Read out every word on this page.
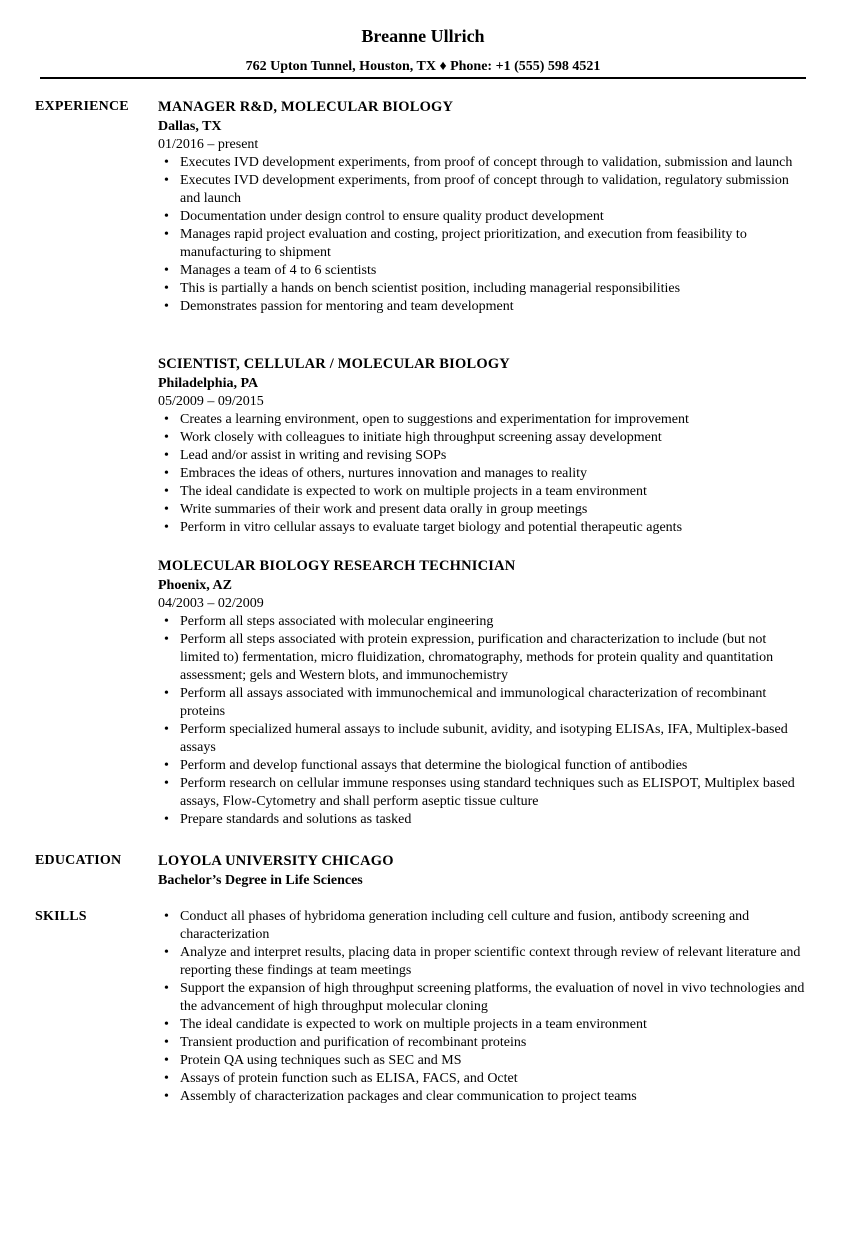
Breanne Ullrich
762 Upton Tunnel, Houston, TX ♦ Phone: +1 (555) 598 4521
EXPERIENCE MANAGER R&D, MOLECULAR BIOLOGY
Dallas, TX
01/2016 – present
• Executes IVD development experiments, from proof of concept through to validation, submission and launch
• Executes IVD development experiments, from proof of concept through to validation, regulatory submission and launch
• Documentation under design control to ensure quality product development
• Manages rapid project evaluation and costing, project prioritization, and execution from feasibility to manufacturing to shipment
• Manages a team of 4 to 6 scientists
• This is partially a hands on bench scientist position, including managerial responsibilities
• Demonstrates passion for mentoring and team development
SCIENTIST, CELLULAR / MOLECULAR BIOLOGY
Philadelphia, PA
05/2009 – 09/2015
• Creates a learning environment, open to suggestions and experimentation for improvement
• Work closely with colleagues to initiate high throughput screening assay development
• Lead and/or assist in writing and revising SOPs
• Embraces the ideas of others, nurtures innovation and manages to reality
• The ideal candidate is expected to work on multiple projects in a team environment
• Write summaries of their work and present data orally in group meetings
• Perform in vitro cellular assays to evaluate target biology and potential therapeutic agents
MOLECULAR BIOLOGY RESEARCH TECHNICIAN
Phoenix, AZ
04/2003 – 02/2009
• Perform all steps associated with molecular engineering
• Perform all steps associated with protein expression, purification and characterization to include (but not limited to) fermentation, micro fluidization, chromatography, methods for protein quality and quantitation assessment; gels and Western blots, and immunochemistry
• Perform all assays associated with immunochemical and immunological characterization of recombinant proteins
• Perform specialized humeral assays to include subunit, avidity, and isotyping ELISAs, IFA, Multiplex-based assays
• Perform and develop functional assays that determine the biological function of antibodies
• Perform research on cellular immune responses using standard techniques such as ELISPOT, Multiplex based assays, Flow-Cytometry and shall perform aseptic tissue culture
• Prepare standards and solutions as tasked
EDUCATION	LOYOLA UNIVERSITY CHICAGO
Bachelor’s Degree in Life Sciences
SKILLS	• Conduct all phases of hybridoma generation including cell culture and fusion, antibody screening and characterization
• Analyze and interpret results, placing data in proper scientific context through review of relevant literature and reporting these findings at team meetings
• Support the expansion of high throughput screening platforms, the evaluation of novel in vivo technologies and the advancement of high throughput molecular cloning
• The ideal candidate is expected to work on multiple projects in a team environment
• Transient production and purification of recombinant proteins
• Protein QA using techniques such as SEC and MS
• Assays of protein function such as ELISA, FACS, and Octet
• Assembly of characterization packages and clear communication to project teams
